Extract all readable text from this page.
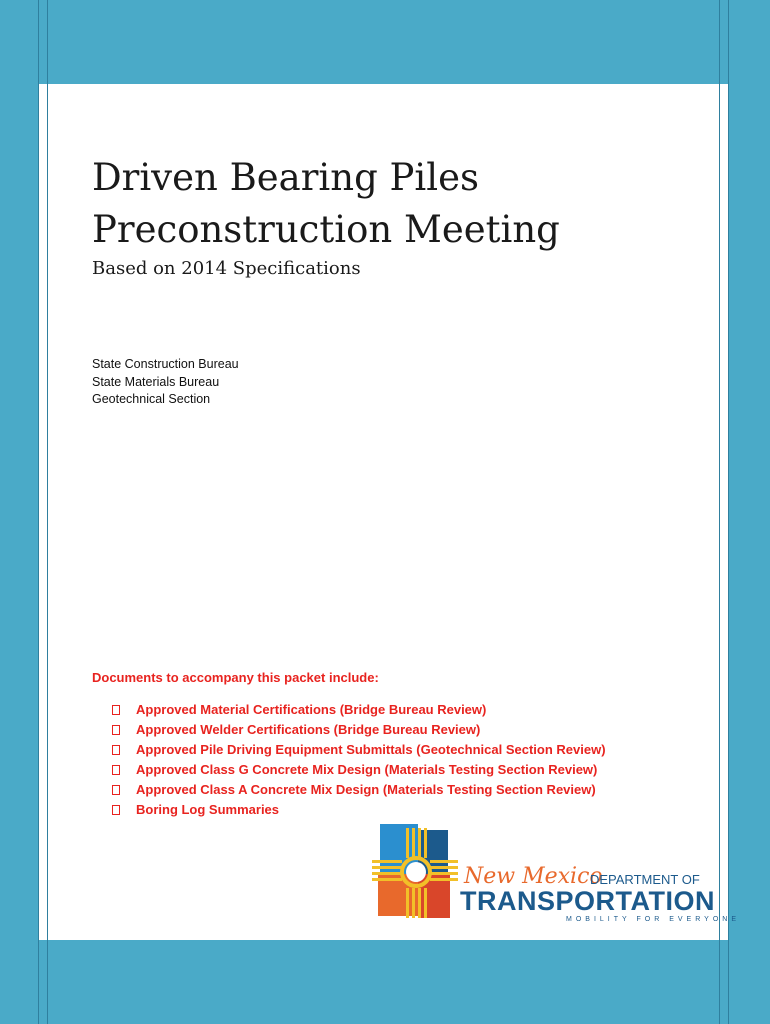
Driven Bearing Piles
Preconstruction Meeting

Based on 2014 Specifications

State Construction Bureau
State Materials Bureau
Geotechnical Section

Documents to accompany this packet include:

Approved Material Certifications (Bridge Bureau Review)
Approved Welder Certifications (Bridge Bureau Review)
Approved Pile Driving Equipment Submittals (Geotechnical Section Review)
Approved Class G Concrete Mix Design (Materials Testing Section Review)
Approved Class A Concrete Mix Design (Materials Testing Section Review)
Boring Log Summaries
New Mexico
DEPARTMENT OF
TRANSPORTATION
MOBILITY FOR EVERYONE
